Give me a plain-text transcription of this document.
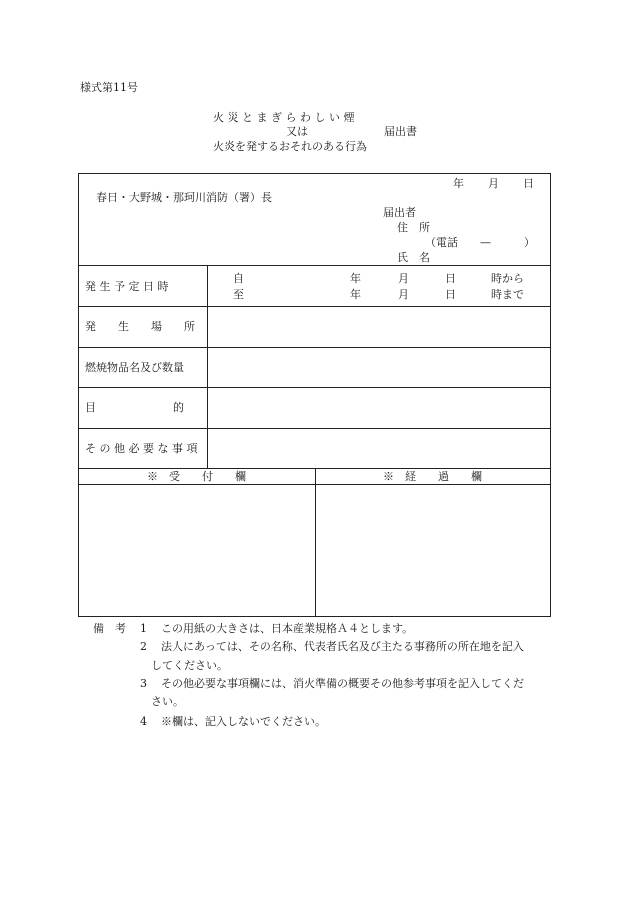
様式第11号
火 災 と ま ぎ ら わ し い 煙
又は	届出書
火炎を発するおそれのある行為
年 月 日
春日・大野城・那珂川消防（署）長
届出者
住　所
（電話　　—　　　）
氏　名
発 生 予 定 日 時
自	年	月	日	時から
至	年	月	日	時まで
発　　生　　場　　所
燃焼物品名及び数量
目　　　　　　　的
そ の 他 必 要 な 事 項
※　受　　付　　欄	※　経　　過　　欄
備　考 1 この用紙の大きさは、日本産業規格Ａ４とします。
2 法人にあっては、その名称、代表者氏名及び主たる事務所の所在地を記入
してください。
3 その他必要な事項欄には、消火準備の概要その他参考事項を記入してくだ
さい。
4 ※欄は、記入しないでください。
